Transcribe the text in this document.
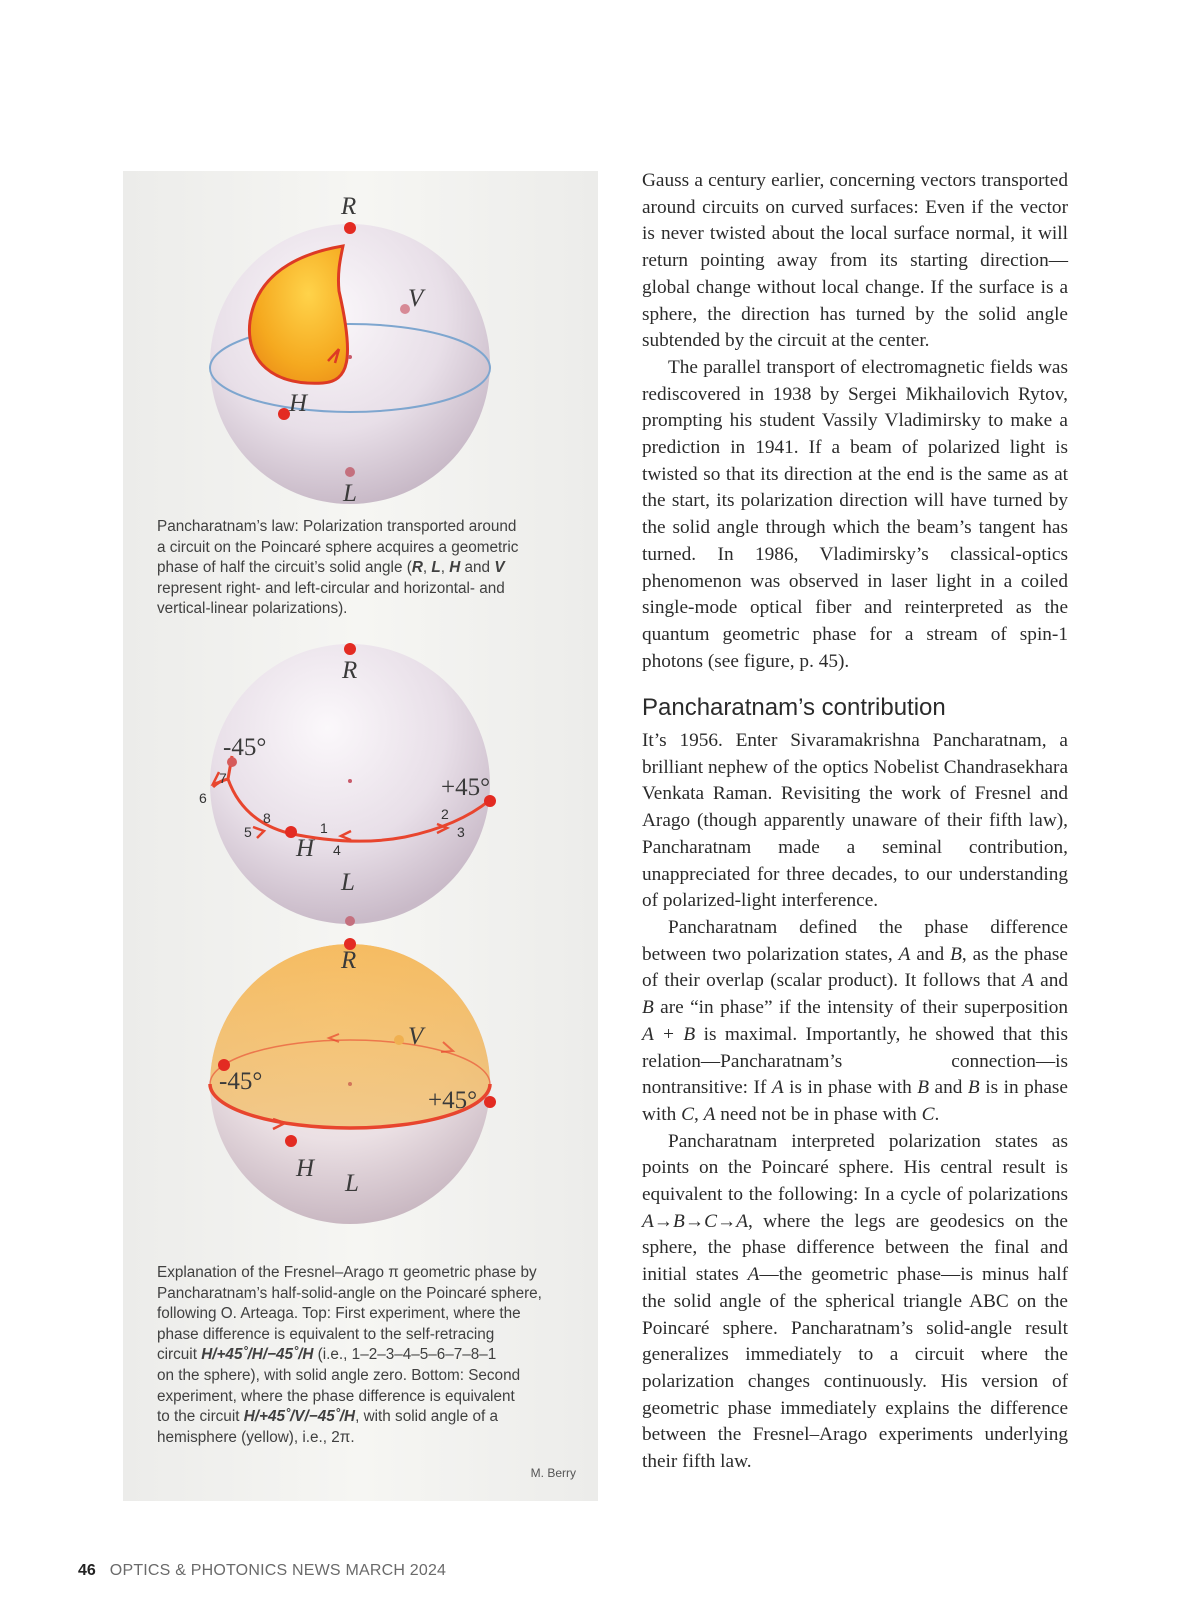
R
V
H
L
Pancharatnam’s law: Polarization transported around
a circuit on the Poincaré sphere acquires a geometric
phase of half the circuit’s solid angle (R, L, H and V
represent right- and left-circular and horizontal- and
vertical-linear polarizations).
R
-45°
+45°
H
L
1
2
3
4
5
6
7
8
R
V
-45°
+45°
H
L
Explanation of the Fresnel–Arago π geometric phase by
Pancharatnam’s half-solid-angle on the Poincaré sphere,
following O. Arteaga. Top: First experiment, where the
phase difference is equivalent to the self-retracing
circuit H/+45˚/H/−45˚/H (i.e., 1–2–3–4–5–6–7–8–1
on the sphere), with solid angle zero. Bottom: Second
experiment, where the phase difference is equivalent
to the circuit H/+45˚/V/−45˚/H, with solid angle of a
hemisphere (yellow), i.e., 2π.
M. Berry

Gauss a century earlier, concerning vectors transported around circuits on curved surfaces: Even if the vector is never twisted about the local surface normal, it will return pointing away from its starting direction—global change without local change. If the surface is a sphere, the direction has turned by the solid angle subtended by the circuit at the center.

The parallel transport of electromagnetic fields was rediscovered in 1938 by Sergei Mikhailovich Rytov, prompting his student Vassily Vladimirsky to make a prediction in 1941. If a beam of polarized light is twisted so that its direction at the end is the same as at the start, its polarization direction will have turned by the solid angle through which the beam’s tangent has turned. In 1986, Vladimirsky’s classical-optics phenomenon was observed in laser light in a coiled single-mode optical fiber and reinterpreted as the quantum geometric phase for a stream of spin-1 photons (see figure, p. 45).

Pancharatnam’s contribution

It’s 1956. Enter Sivaramakrishna Pancharatnam, a brilliant nephew of the optics Nobelist Chandrasekhara Venkata Raman. Revisiting the work of Fresnel and Arago (though apparently unaware of their fifth law), Pancharatnam made a seminal contribution, unappreciated for three decades, to our understanding of polarized-light interference.

Pancharatnam defined the phase difference between two polarization states, A and B, as the phase of their overlap (scalar product). It follows that A and B are “in phase” if the intensity of their superposition A + B is maximal. Importantly, he showed that this relation—Pancharatnam’s connection—is nontransitive: If A is in phase with B and B is in phase with C, A need not be in phase with C.

Pancharatnam interpreted polarization states as points on the Poincaré sphere. His central result is equivalent to the following: In a cycle of polarizations A→B→C→A, where the legs are geodesics on the sphere, the phase difference between the final and initial states A—the geometric phase—is minus half the solid angle of the spherical triangle ABC on the Poincaré sphere. Pancharatnam’s solid-angle result generalizes immediately to a circuit where the polarization changes continuously. His version of geometric phase immediately explains the difference between the Fresnel–Arago experiments underlying their fifth law.

46 OPTICS & PHOTONICS NEWS MARCH 2024
